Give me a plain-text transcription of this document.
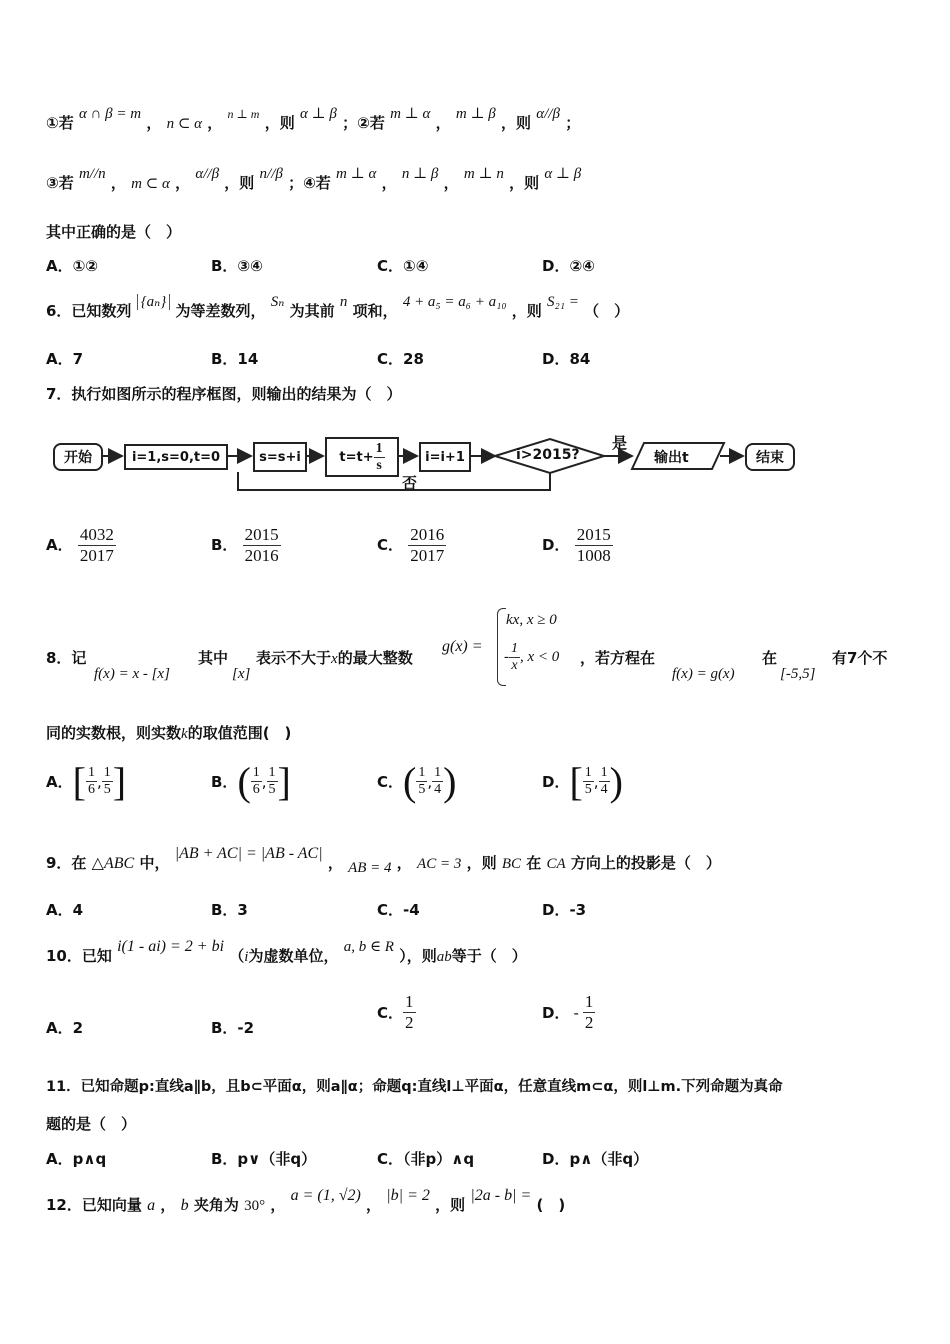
①若 α ∩ β = m ， n ⊂ α ， $^{n \perp m}$ ，则 α ⊥ β ；②若 m ⊥ α ， m ⊥ β ，则 α//β ；
③若 m//n ， m ⊂ α ， α//β ，则 n//β ；④若 m ⊥ α ， n ⊥ β ， m ⊥ n ，则 α ⊥ β
其中正确的是（　）
A．①②	B．③④	C．①④	D．②④
6．已知数列 {aₙ} 为等差数列， Sₙ 为其前 n 项和， 4 + a₅ = a₆ + a₁₀ ，则 S₂₁ = （　）
A．7	B．14	C．28	D．84
7．执行如图所示的程序框图，则输出的结果为（　）
开始	i=1,s=0,t=0	s=s+i	$t=t+ \frac{1}{s}$	i=i+1	i>2015?
是
否
输出t	结束
A． $\frac{4032}{2017}$	B． $\frac{2015}{2016}$	C． $\frac{2016}{2017}$	D． $\frac{2015}{1008}$
8．记
f(x) = x - [x]
其中
[x]
表示不大于x的最大整数
g(x) =
kx, x ≥ 0
- $\frac{1}{x}$ , x < 0 ，若方程在
f(x) = g(x)
在
[-5,5]
有7个不
同的实数根，则实数k的取值范围(　)
A． [ $\frac{1}{6}$ , $\frac{1}{5}$ ]	B． ( $\frac{1}{6}$ , $\frac{1}{5}$ ]	C． ( $\frac{1}{5}$ , $\frac{1}{4}$ )	D． [ $\frac{1}{5}$ , $\frac{1}{4}$ )
9．在 △ABC 中， |AB + AC| = |AB - AC| ， AB = 4 ， AC = 3 ，则 BC 在 CA 方向上的投影是（　）
A．4	B．3	C．-4	D．-3
10．已知 i(1 - ai) = 2 + bi （i为虚数单位， a, b ∈ R ），则ab等于（　）
A．2	B．-2
C． $\frac{1}{2}$	D． - $\frac{1}{2}$
11．已知命题p:直线a∥b，且b⊂平面α，则a∥α；命题q:直线l⊥平面α，任意直线m⊂α，则l⊥m.下列命题为真命
题的是（　）
A．p∧q	B．p∨（非q）	C．（非p）∧q	D．p∧（非q）
12．已知向量 a ， b 夹角为 30° ， a = (1, √2) ， |b| = 2 ，则 |2a - b| = (　)
